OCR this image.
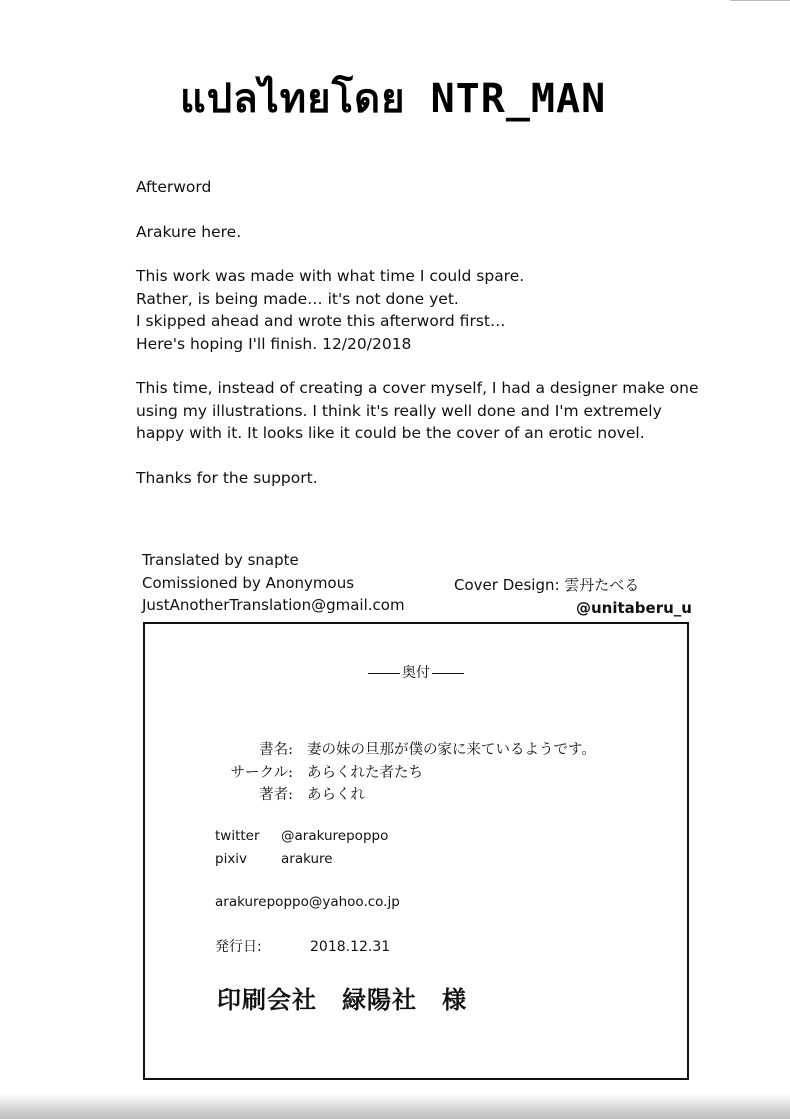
แปลไทยโดย NTR_MAN

Afterword

Arakure here.

This work was made with what time I could spare.
Rather, is being made… it's not done yet.
I skipped ahead and wrote this afterword first…
Here's hoping I'll finish. 12/20/2018

This time, instead of creating a cover myself, I had a designer make one
using my illustrations. I think it's really well done and I'm extremely
happy with it. It looks like it could be the cover of an erotic novel.

Thanks for the support.

Translated by snapte
Comissioned by Anonymous
JustAnotherTranslation@gmail.com
Cover Design: 雲丹たべる
@unitaberu_u
奥付
書名: 妻の妹の旦那が僕の家に来ているようです。
サークル: あらくれた者たち
著者: あらくれ
twitter @arakurepoppo
pixiv	arakure
arakurepoppo@yahoo.co.jp
発行日:	2018.12.31
印刷会社　緑陽社　様
